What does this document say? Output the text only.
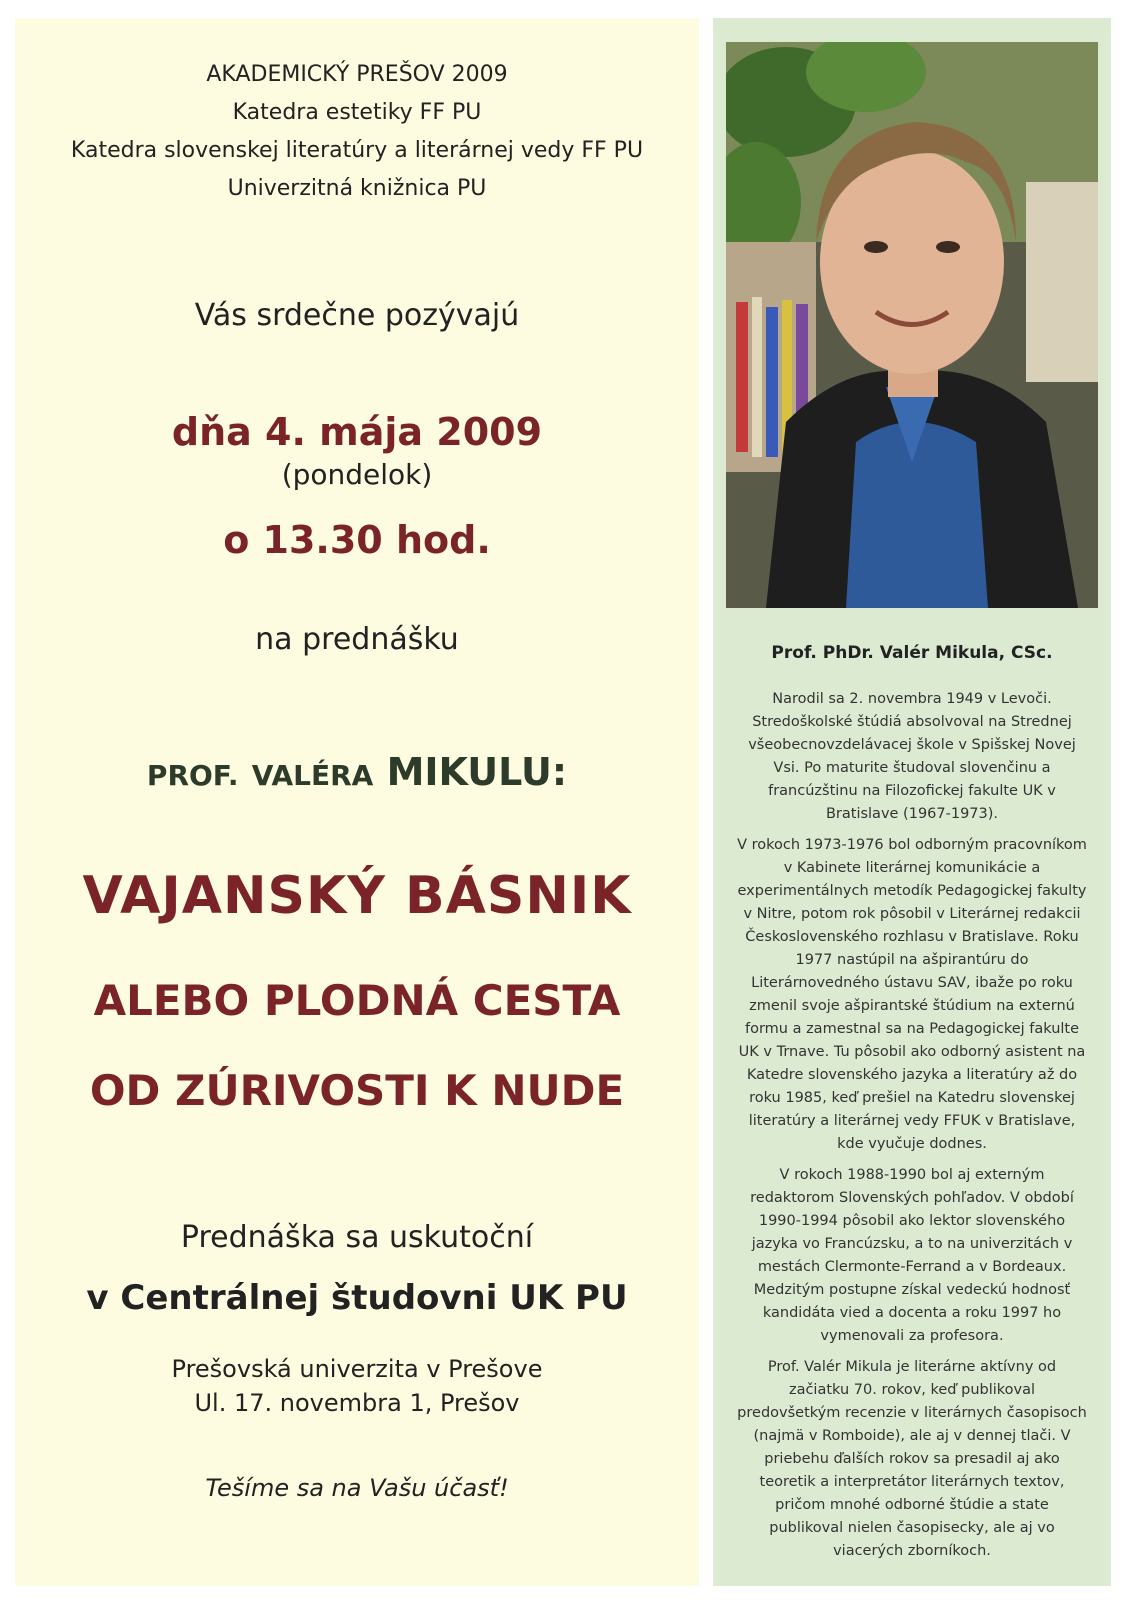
AKADEMICKÝ PREŠOV 2009

Katedra estetiky FF PU

Katedra slovenskej literatúry a literárnej vedy FF PU

Univerzitná knižnica PU

Vás srdečne pozývajú
dňa 4. mája 2009
(pondelok)
o 13.30 hod.
na prednášku
PROF. VALÉRA MIKULU:
VAJANSKÝ BÁSNIK
ALEBO PLODNÁ CESTA
OD ZÚRIVOSTI K NUDE
Prednáška sa uskutoční
v Centrálnej študovni UK PU
Prešovská univerzita v Prešove
Ul. 17. novembra 1, Prešov
Tešíme sa na Vašu účasť!
Prof. PhDr. Valér Mikula, CSc.

Narodil sa 2. novembra 1949 v Levoči. Stredoškolské štúdiá absolvoval na Strednej všeobecnovzdelávacej škole v Spišskej Novej Vsi. Po maturite študoval slovenčinu a francúzštinu na Filozofickej fakulte UK v Bratislave (1967-1973).

V rokoch 1973-1976 bol odborným pracovníkom v Kabinete literárnej komunikácie a experimentálnych metodík Pedagogickej fakulty v Nitre, potom rok pôsobil v Literárnej redakcii Československého rozhlasu v Bratislave. Roku 1977 nastúpil na ašpirantúru do Literárnovedného ústavu SAV, ibaže po roku zmenil svoje ašpirantské štúdium na externú formu a zamestnal sa na Pedagogickej fakulte UK v Trnave. Tu pôsobil ako odborný asistent na Katedre slovenského jazyka a literatúry až do roku 1985, keď prešiel na Katedru slovenskej literatúry a literárnej vedy FFUK v Bratislave, kde vyučuje dodnes.

V rokoch 1988-1990 bol aj externým redaktorom Slovenských pohľadov. V období 1990-1994 pôsobil ako lektor slovenského jazyka vo Francúzsku, a to na univerzitách v mestách Clermonte-Ferrand a v Bordeaux. Medzitým postupne získal vedeckú hodnosť kandidáta vied a docenta a roku 1997 ho vymenovali za profesora.

Prof. Valér Mikula je literárne aktívny od začiatku 70. rokov, keď publikoval predovšetkým recenzie v literárnych časopisoch (najmä v Romboide), ale aj v dennej tlači. V priebehu ďalších rokov sa presadil aj ako teoretik a interpretátor literárnych textov, pričom mnohé odborné štúdie a state publikoval nielen časopisecky, ale aj vo viacerých zborníkoch.
